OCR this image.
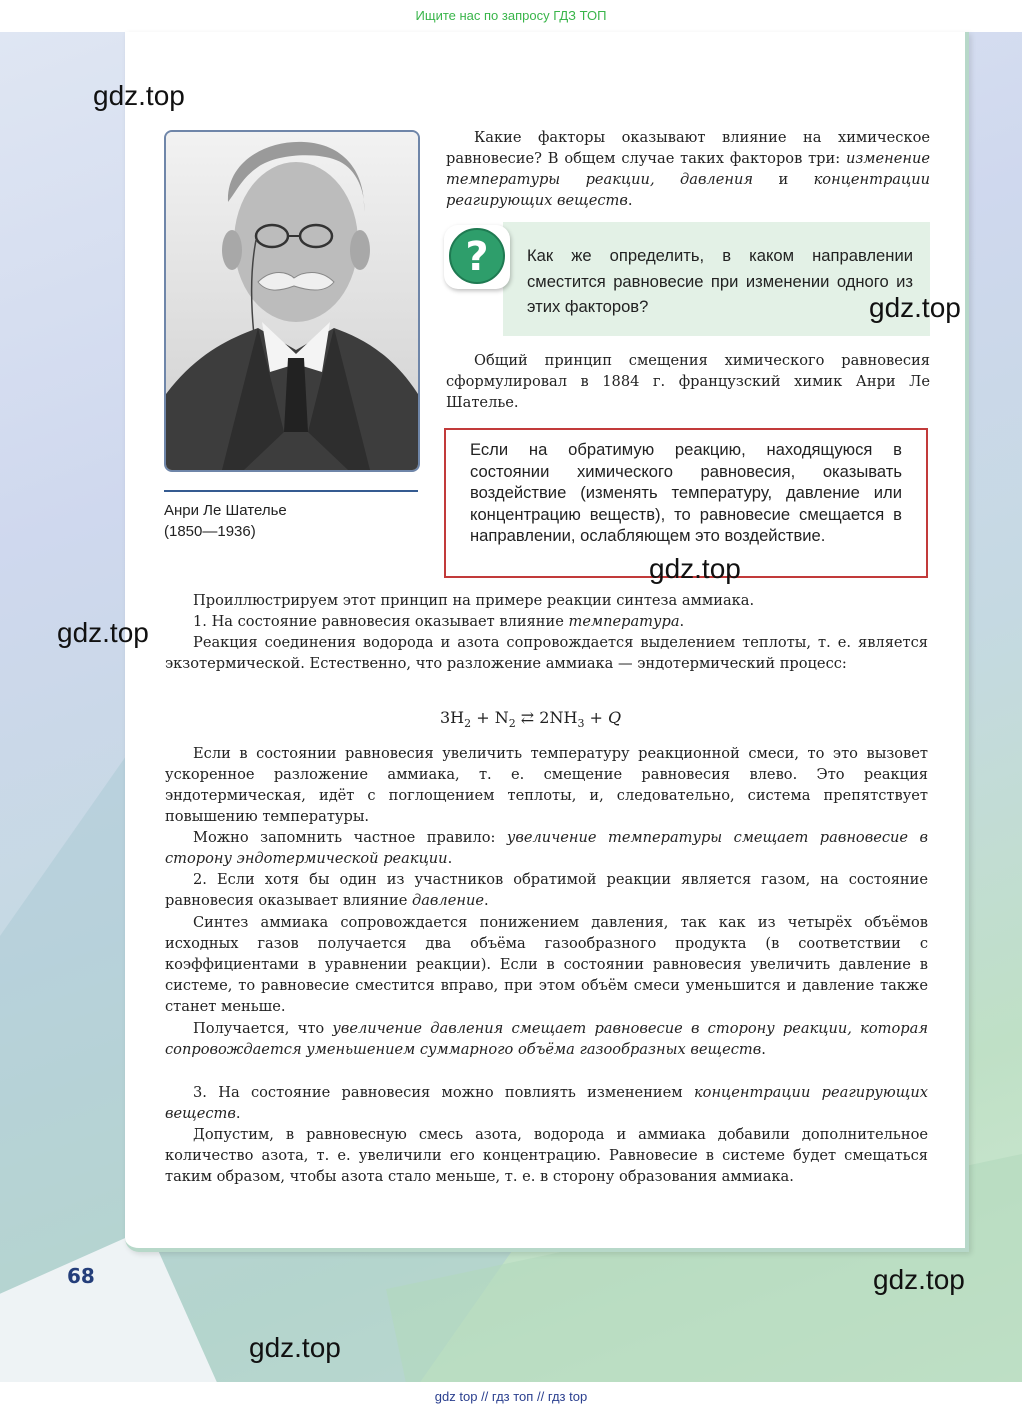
Ищите нас по запросу ГДЗ ТОП
Анри Ле Шателье
(1850—1936)

Какие факторы оказывают влияние на химическое равновесие? В общем случае таких факторов три: изменение температуры реакции, давления и концентрации реагирующих веществ.

? Как же определить, в каком направлении сместится равновесие при изменении одного из этих факторов?

Общий принцип смещения химического равновесия сформулировал в 1884 г. французский химик Анри Ле Шателье.

Если на обратимую реакцию, находящуюся в состоянии химического равновесия, оказывать воздействие (изменять температуру, давление или концентрацию веществ), то равновесие смещается в направлении, ослабляющем это воздействие.

Проиллюстрируем этот принцип на примере реакции синтеза аммиака.

1. На состояние равновесия оказывает влияние температура.

Реакция соединения водорода и азота сопровождается выделением теплоты, т. е. является экзотермической. Естественно, что разложение аммиака — эндотермический процесс:

$3H_2 + N_2$ ⇄ $2NH_3 + Q$

Если в состоянии равновесия увеличить температуру реакционной смеси, то это вызовет ускоренное разложение аммиака, т. е. смещение равновесия влево. Это реакция эндотермическая, идёт с поглощением теплоты, и, следовательно, система препятствует повышению температуры.

Можно запомнить частное правило: увеличение температуры смещает равновесие в сторону эндотермической реакции.

2. Если хотя бы один из участников обратимой реакции является газом, на состояние равновесия оказывает влияние давление.

Синтез аммиака сопровождается понижением давления, так как из четырёх объёмов исходных газов получается два объёма газообразного продукта (в соответствии с коэффициентами в уравнении реакции). Если в состоянии равновесия увеличить давление в системе, то равновесие сместится вправо, при этом объём смеси уменьшится и давление также станет меньше.

Получается, что увеличение давления смещает равновесие в сторону реакции, которая сопровождается уменьшением суммарного объёма газообразных веществ.

3. На состояние равновесия можно повлиять изменением концентрации реагирующих веществ.

Допустим, в равновесную смесь азота, водорода и аммиака добавили дополнительное количество азота, т. е. увеличили его концентрацию. Равновесие в системе будет смещаться таким образом, чтобы азота стало меньше, т. е. в сторону образования аммиака.

gdz.top
gdz.top
gdz.top
gdz.top
gdz.top
gdz.top
68
gdz top // гдз топ // гдз top
